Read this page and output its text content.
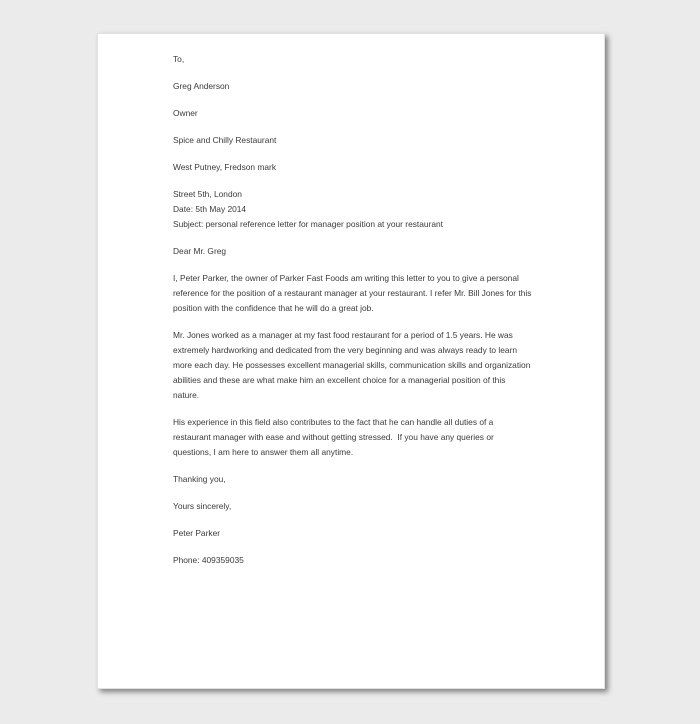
To,

Greg Anderson

Owner

Spice and Chilly Restaurant

West Putney, Fredson mark

Street 5th, London

Date: 5th May 2014

Subject: personal reference letter for manager position at your restaurant

Dear Mr. Greg

I, Peter Parker, the owner of Parker Fast Foods am writing this letter to you to give a personal reference for the position of a restaurant manager at your restaurant. I refer Mr. Bill Jones for this position with the confidence that he will do a great job.

Mr. Jones worked as a manager at my fast food restaurant for a period of 1.5 years. He was extremely hardworking and dedicated from the very beginning and was always ready to learn more each day. He possesses excellent managerial skills, communication skills and organization abilities and these are what make him an excellent choice for a managerial position of this nature.

His experience in this field also contributes to the fact that he can handle all duties of a restaurant manager with ease and without getting stressed.  If you have any queries or questions, I am here to answer them all anytime.

Thanking you,

Yours sincerely,

Peter Parker

Phone: 409359035
